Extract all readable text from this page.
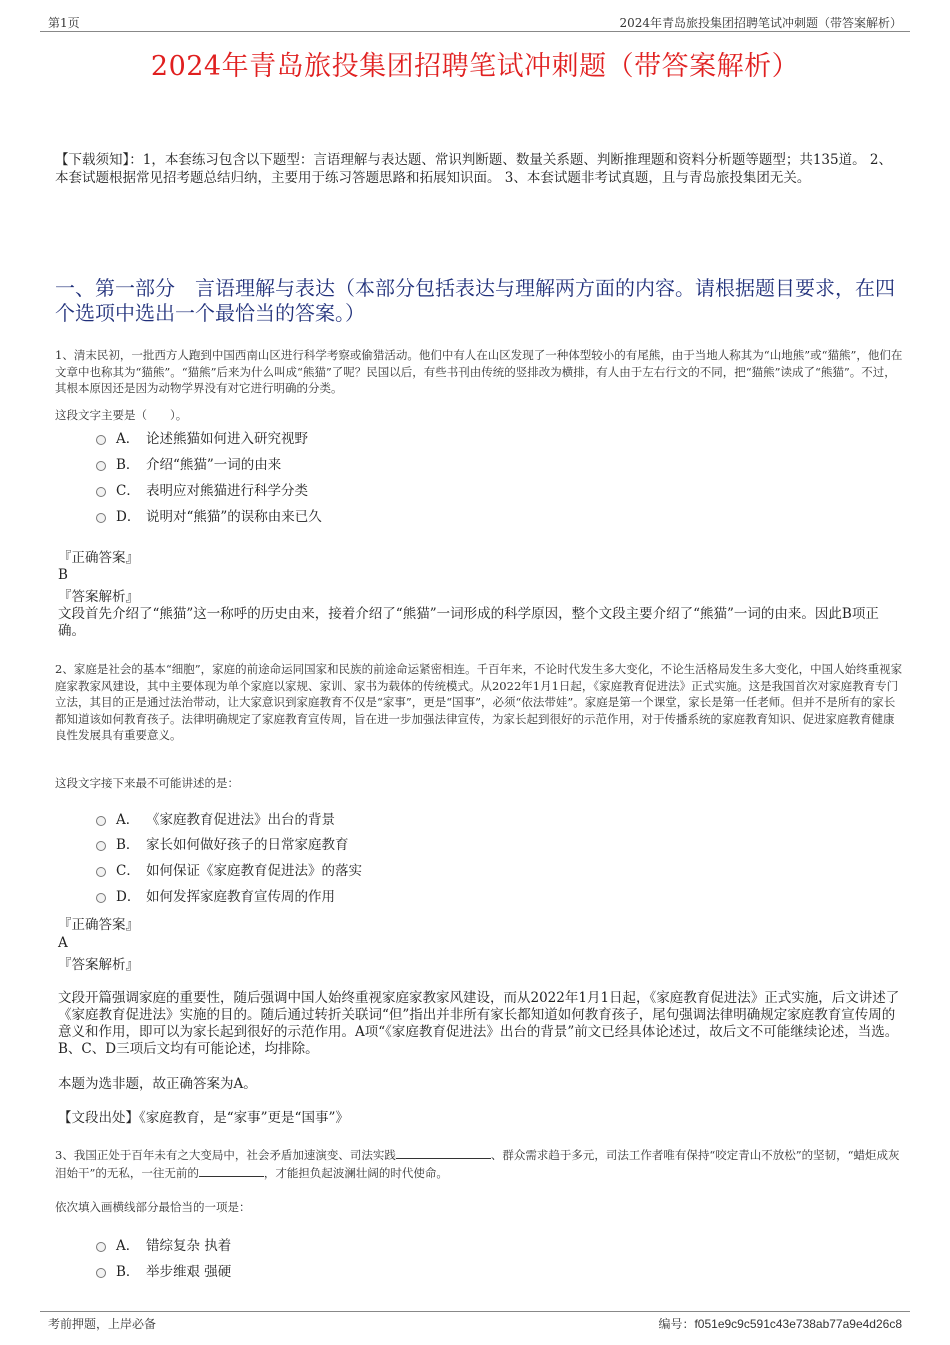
第1页	2024年青岛旅投集团招聘笔试冲刺题（带答案解析）
2024年青岛旅投集团招聘笔试冲刺题（带答案解析）
【下载须知】：1，本套练习包含以下题型：言语理解与表达题、常识判断题、数量关系题、判断推理题和资料分析题等题型；共135道。 2、本套试题根据常见招考题总结归纳，主要用于练习答题思路和拓展知识面。 3、本套试题非考试真题，且与青岛旅投集团无关。
一、第一部分　言语理解与表达（本部分包括表达与理解两方面的内容。请根据题目要求，在四个选项中选出一个最恰当的答案。）
1、清末民初，一批西方人跑到中国西南山区进行科学考察或偷猎活动。他们中有人在山区发现了一种体型较小的有尾熊，由于当地人称其为“山地熊”或“猫熊”，他们在文章中也称其为“猫熊”。“猫熊”后来为什么叫成“熊猫”了呢？民国以后，有些书刊由传统的竖排改为横排，有人由于左右行文的不同，把“猫熊”读成了“熊猫”。不过，其根本原因还是因为动物学界没有对它进行明确的分类。
这段文字主要是（　　）。
A． 论述熊猫如何进入研究视野
B． 介绍“熊猫”一词的由来
C． 表明应对熊猫进行科学分类
D． 说明对“熊猫”的误称由来已久
『正确答案』
B
『答案解析』
文段首先介绍了“熊猫”这一称呼的历史由来，接着介绍了“熊猫”一词形成的科学原因，整个文段主要介绍了“熊猫”一词的由来。因此B项正确。
2、家庭是社会的基本“细胞”，家庭的前途命运同国家和民族的前途命运紧密相连。千百年来，不论时代发生多大变化，不论生活格局发生多大变化，中国人始终重视家庭家教家风建设，其中主要体现为单个家庭以家规、家训、家书为载体的传统模式。从2022年1月1日起，《家庭教育促进法》正式实施。这是我国首次对家庭教育专门立法，其目的正是通过法治带动，让大家意识到家庭教育不仅是“家事”，更是“国事”，必须“依法带娃”。家庭是第一个课堂，家长是第一任老师。但并不是所有的家长都知道该如何教育孩子。法律明确规定了家庭教育宣传周，旨在进一步加强法律宣传，为家长起到很好的示范作用，对于传播系统的家庭教育知识、促进家庭教育健康良性发展具有重要意义。
这段文字接下来最不可能讲述的是：
A． 《家庭教育促进法》出台的背景
B． 家长如何做好孩子的日常家庭教育
C． 如何保证《家庭教育促进法》的落实
D． 如何发挥家庭教育宣传周的作用
『正确答案』
A
『答案解析』
文段开篇强调家庭的重要性，随后强调中国人始终重视家庭家教家风建设，而从2022年1月1日起，《家庭教育促进法》正式实施，后文讲述了《家庭教育促进法》实施的目的。随后通过转折关联词“但”指出并非所有家长都知道如何教育孩子，尾句强调法律明确规定家庭教育宣传周的意义和作用，即可以为家长起到很好的示范作用。A项“《家庭教育促进法》出台的背景”前文已经具体论述过，故后文不可能继续论述，当选。B、C、D三项后文均有可能论述，均排除。
本题为选非题，故正确答案为A。
【文段出处】《家庭教育，是“家事”更是“国事”》
3、我国正处于百年未有之大变局中，社会矛盾加速演变、司法实践	、群众需求趋于多元，司法工作者唯有保持“咬定青山不放松”的坚韧，“蜡炬成灰泪始干”的无私，一往无前的	，才能担负起波澜壮阔的时代使命。
依次填入画横线部分最恰当的一项是：
A． 错综复杂 执着
B． 举步维艰 强硬
考前押题，上岸必备	编号：f051e9c9c591c43e738ab77a9e4d26c8
